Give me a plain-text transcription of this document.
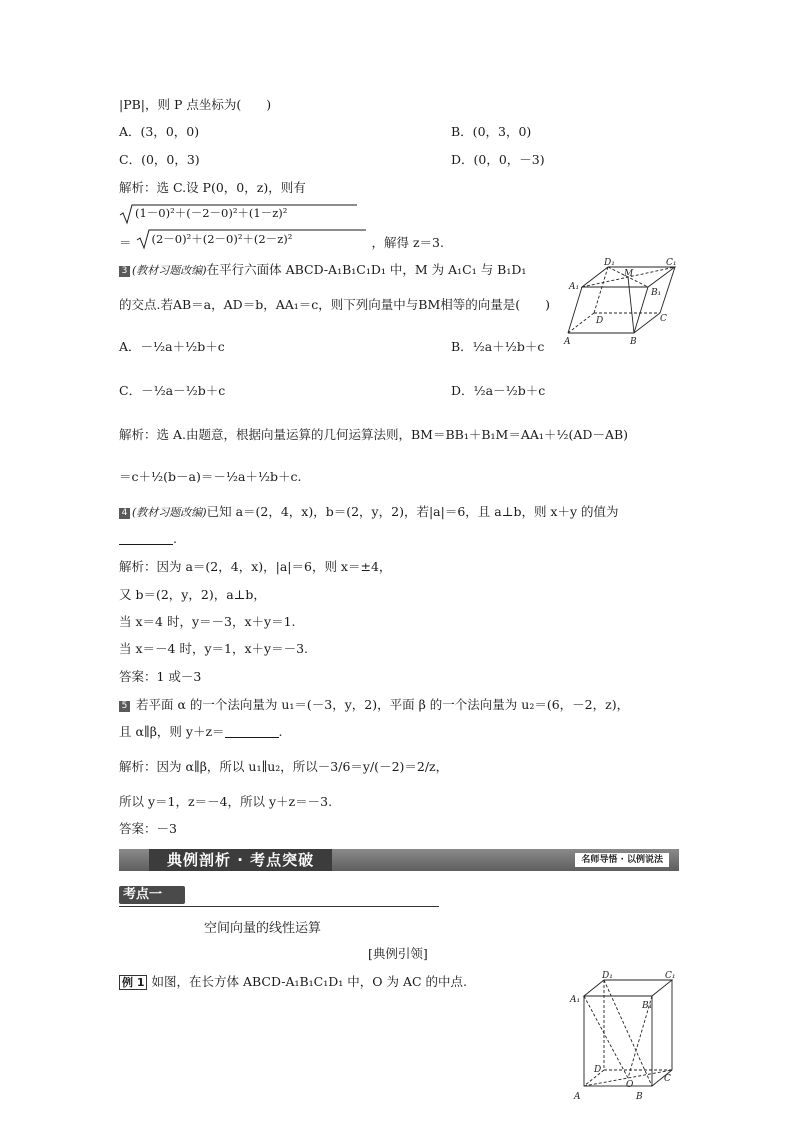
|PB|，则 P 点坐标为(　　)
A．(3，0，0)	B．(0，3，0)
C．(0，0，3)	D．(0，0，－3)
解析：选 C.设 P(0，0，z)，则有
(1－0)²＋(－2－0)²＋(1－z)²
＝ (2－0)²＋(2－0)²＋(2－z)²	，解得 z＝3.
3 (教材习题改编)在平行六面体 ABCD-A₁B₁C₁D₁ 中，M 为 A₁C₁ 与 B₁D₁
的交点.若AB＝a，AD＝b，AA₁＝c，则下列向量中与BM相等的向量是(　　)
A．－½a＋½b＋c	B．½a＋½b＋c
C．－½a－½b＋c	D．½a－½b＋c
解析：选 A.由题意，根据向量运算的几何运算法则，BM＝BB₁＋B₁M＝AA₁＋½(AD－AB)
＝c＋½(b－a)＝－½a＋½b＋c.
D₁
M
C₁
A₁
B₁
D	C
A	B
4 (教材习题改编)已知 a＝(2，4，x)，b＝(2，y，2)，若|a|＝6，且 a⊥b，则 x＋y 的值为
.
解析：因为 a＝(2，4，x)，|a|＝6，则 x＝±4，
又 b＝(2，y，2)，a⊥b，
当 x＝4 时，y＝－3，x＋y＝1.
当 x＝－4 时，y＝1，x＋y＝－3.
答案：1 或－3
5 若平面 α 的一个法向量为 u₁＝(－3，y，2)，平面 β 的一个法向量为 u₂＝(6，－2，z)，
且 α∥β，则 y＋z＝	.
解析：因为 α∥β，所以 u₁∥u₂，所以－3/6＝y/(－2)＝2/z，
所以 y＝1，z＝－4，所以 y＋z＝－3.
答案：－3
典例剖析 · 考点突破	名师导悟 · 以例说法
考点一
空间向量的线性运算
[典例引领]
例 1 如图，在长方体 ABCD-A₁B₁C₁D₁ 中，O 为 AC 的中点.	D₁	C₁
A₁
B₁
D
O
C
A	B
